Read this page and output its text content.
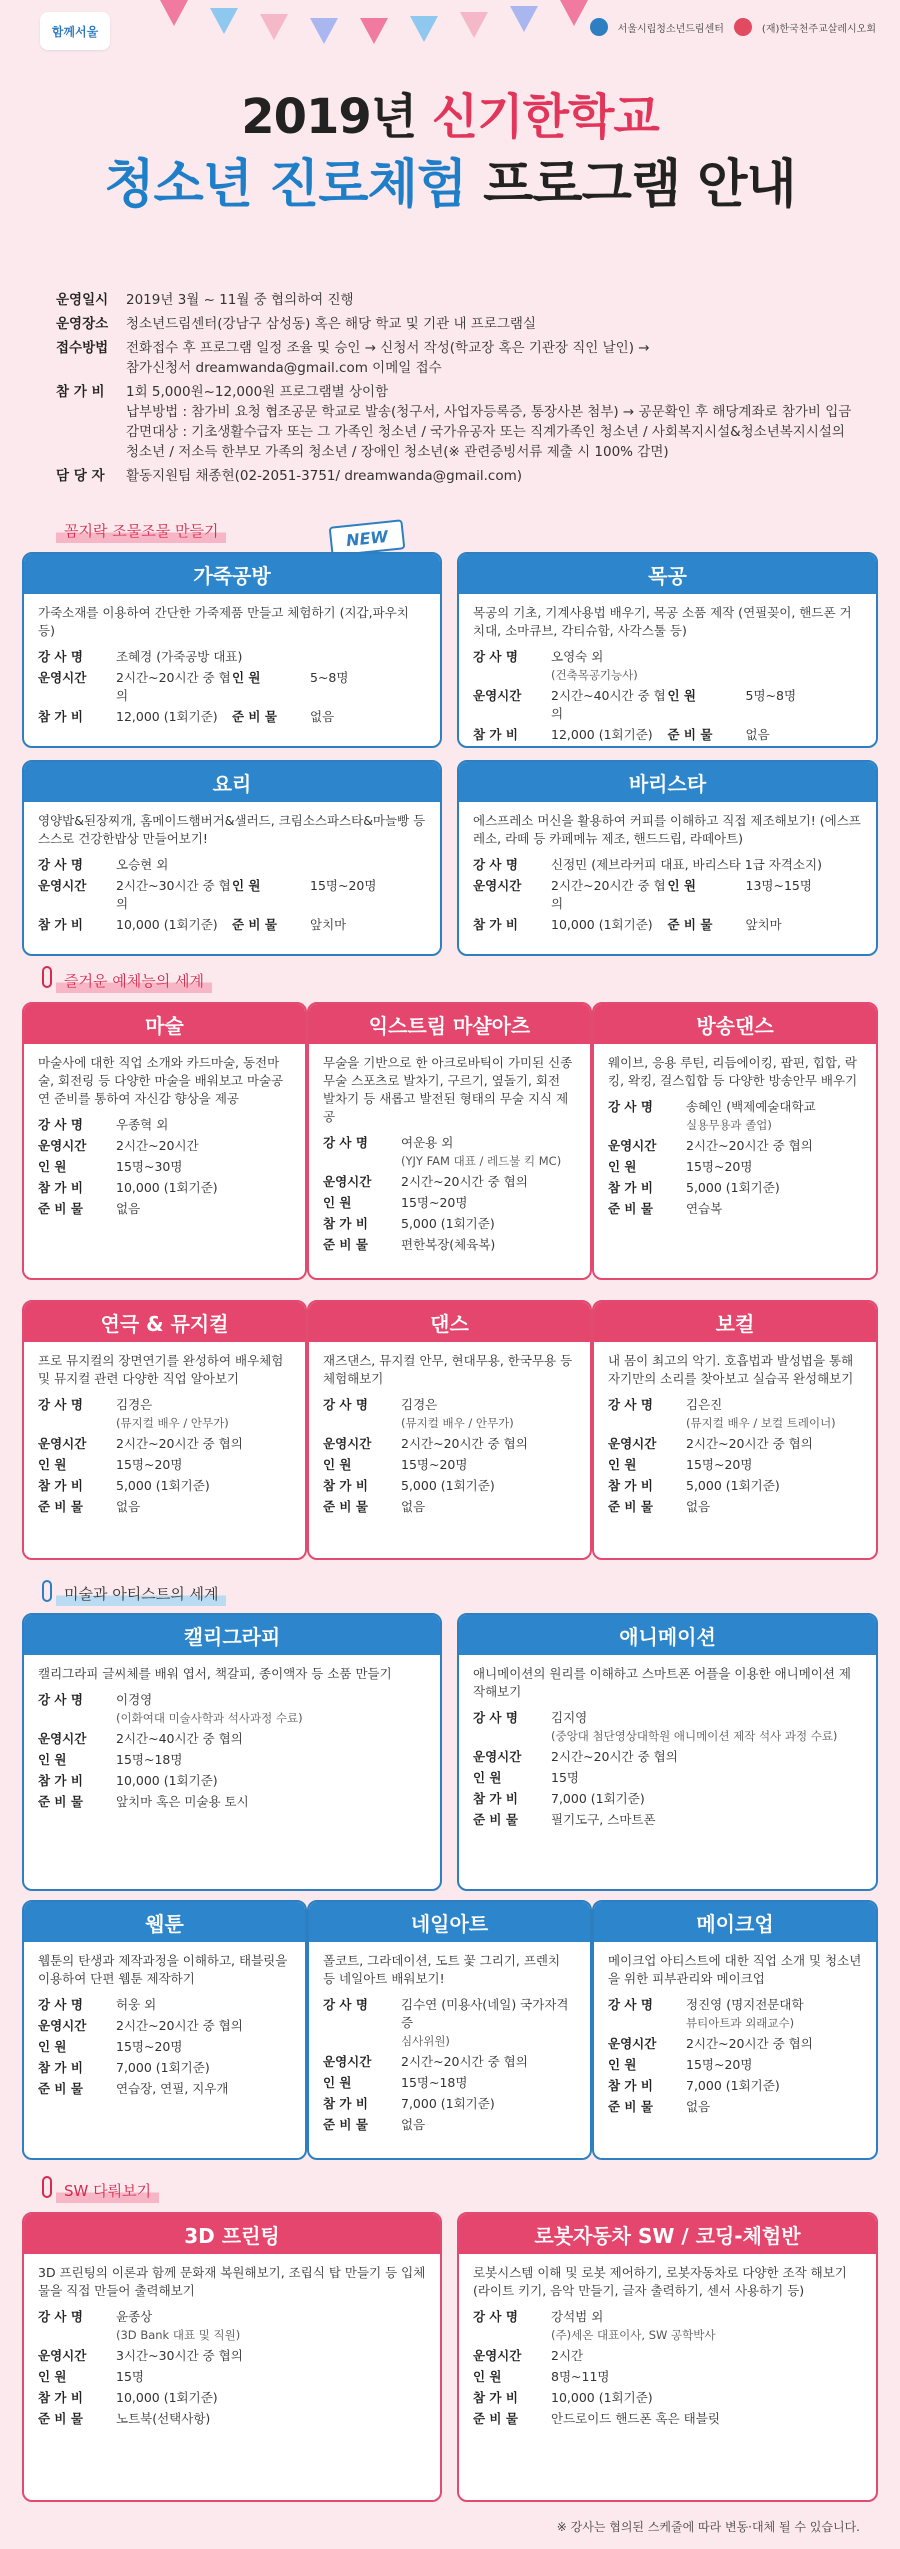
함께서울	서울시립청소년드림센터	(재)한국천주교살레시오회
2019년 신기한학교
청소년 진로체험 프로그램 안내
운영일시	2019년 3월 ~ 11월 중 협의하여 진행

운영장소	청소년드림센터(강남구 삼성동) 혹은 해당 학교 및 기관 내 프로그램실

접수방법	전화접수 후 프로그램 일정 조율 및 승인 → 신청서 작성(학교장 혹은 기관장 직인 날인) →

참가신청서 dreamwanda@gmail.com 이메일 접수

참 가 비	1회 5,000원~12,000원 프로그램별 상이함

납부방법 : 참가비 요청 협조공문 학교로 발송(청구서, 사업자등록증, 통장사본 첨부) → 공문확인 후 해당계좌로 참가비 입금

감면대상 : 기초생활수급자 또는 그 가족인 청소년 / 국가유공자 또는 직계가족인 청소년 / 사회복지시설&청소년복지시설의

청소년 / 저소득 한부모 가족의 청소년 / 장애인 청소년(※ 관련증빙서류 제출 시 100% 감면)

담 당 자	활동지원팀 채종현(02-2051-3751/ dreamwanda@gmail.com)

꼼지락 조물조물 만들기	NEW
즐거운 예체능의 세계
미술과 아티스트의 세계
SW 다뤄보기
가죽공방
가죽소재를 이용하여 간단한 가죽제품 만들고 체험하기 (지갑,파우치 등)
강 사 명	조혜경 (가죽공방 대표)
운영시간	2시간~20시간 중 협의
인 원	5~8명
참 가 비	12,000 (1회기준) 준 비 물	없음
목공
목공의 기초, 기계사용법 배우기, 목공 소품 제작 (연필꽂이, 핸드폰 거치대, 소마큐브, 각티슈함, 사각스툴 등)
강 사 명	오영숙 외
(건축목공기능사)
운영시간	2시간~40시간 중 협의
인 원	5명~8명
참 가 비	12,000 (1회기준) 준 비 물	없음
요리
영양밥&된장찌개, 홈메이드햄버거&샐러드, 크림소스파스타&마늘빵 등 스스로 건강한밥상 만들어보기!
강 사 명	오승현 외
운영시간	2시간~30시간 중 협의
인 원	15명~20명
참 가 비	10,000 (1회기준) 준 비 물	앞치마
바리스타
에스프레소 머신을 활용하여 커피를 이해하고 직접 제조해보기! (에스프레소, 라떼 등 카페메뉴 제조, 핸드드립, 라떼아트)
강 사 명	신정민 (제브라커피 대표, 바리스타 1급 자격소지)
운영시간	2시간~20시간 중 협의
인 원	13명~15명
참 가 비	10,000 (1회기준) 준 비 물	앞치마
마술
마술사에 대한 직업 소개와 카드마술, 동전마술, 회전링 등 다양한 마술을 배워보고 마술공연 준비를 통하여 자신감 향상을 제공
강 사 명	우종혁 외
운영시간	2시간~20시간
인 원	15명~30명
참 가 비	10,000 (1회기준)
준 비 물	없음
익스트림 마샬아츠
무술을 기반으로 한 아크로바틱이 가미된 신종 무술 스포츠로 발차기, 구르기, 옆돌기, 회전 발차기 등 새롭고 발전된 형태의 무술 지식 제공
강 사 명	여운용 외
(YJY FAM 대표 / 레드불 킥 MC)
운영시간	2시간~20시간 중 협의
인 원	15명~20명
참 가 비	5,000 (1회기준)
준 비 물	편한복장(체육복)
방송댄스
웨이브, 응용 루틴, 리듬에이킹, 팝핀, 힙합, 락킹, 왁킹, 걸스힙합 등 다양한 방송안무 배우기
강 사 명	송혜인 (백제예술대학교
실용무용과 졸업)
운영시간	2시간~20시간 중 협의
인 원	15명~20명
참 가 비	5,000 (1회기준)
준 비 물	연습복
연극 & 뮤지컬
프로 뮤지컬의 장면연기를 완성하여 배우체험 및 뮤지컬 관련 다양한 직업 알아보기
강 사 명	김경은
(뮤지컬 배우 / 안무가)
운영시간	2시간~20시간 중 협의
인 원	15명~20명
참 가 비	5,000 (1회기준)
준 비 물	없음
댄스
재즈댄스, 뮤지컬 안무, 현대무용, 한국무용 등 체험해보기
강 사 명	김경은
(뮤지컬 배우 / 안무가)
운영시간	2시간~20시간 중 협의
인 원	15명~20명
참 가 비	5,000 (1회기준)
준 비 물	없음
보컬
내 몸이 최고의 악기. 호흡법과 발성법을 통해 자기만의 소리를 찾아보고 실습곡 완성해보기
강 사 명	김은진
(뮤지컬 배우 / 보컬 트레이너)
운영시간	2시간~20시간 중 협의
인 원	15명~20명
참 가 비	5,000 (1회기준)
준 비 물	없음
캘리그라피
캘리그라피 글씨체를 배워 엽서, 책갈피, 종이액자 등 소품 만들기
강 사 명	이경영
(이화여대 미술사학과 석사과정 수료)
운영시간	2시간~40시간 중 협의
인 원	15명~18명
참 가 비	10,000 (1회기준)
준 비 물	앞치마 혹은 미술용 토시
애니메이션
애니메이션의 원리를 이해하고 스마트폰 어플을 이용한 애니메이션 제작해보기
강 사 명	김지영
(중앙대 첨단영상대학원 애니메이션 제작 석사 과정 수료)
운영시간	2시간~20시간 중 협의
인 원	15명
참 가 비	7,000 (1회기준)
준 비 물	필기도구, 스마트폰
웹툰
웹툰의 탄생과 제작과정을 이해하고, 태블릿을 이용하여 단편 웹툰 제작하기
강 사 명	허웅 외
운영시간	2시간~20시간 중 협의
인 원	15명~20명
참 가 비	7,000 (1회기준)
준 비 물	연습장, 연필, 지우개
네일아트
폴코트, 그라데이션, 도트 꽃 그리기, 프렌치 등 네일아트 배워보기!
강 사 명	김수연 (미용사(네일) 국가자격증
심사위원)
운영시간	2시간~20시간 중 협의
인 원	15명~18명
참 가 비	7,000 (1회기준)
준 비 물	없음
메이크업
메이크업 아티스트에 대한 직업 소개 및 청소년을 위한 피부관리와 메이크업
강 사 명	정진영 (명지전문대학
뷰티아트과 외래교수)
운영시간	2시간~20시간 중 협의
인 원	15명~20명
참 가 비	7,000 (1회기준)
준 비 물	없음
3D 프린팅
3D 프린팅의 이론과 함께 문화재 복원해보기, 조립식 탑 만들기 등 입체물을 직접 만들어 출력해보기
강 사 명	윤종상
(3D Bank 대표 및 직원)
운영시간	3시간~30시간 중 협의
인 원	15명
참 가 비	10,000 (1회기준)
준 비 물	노트북(선택사항)
로봇자동차 SW / 코딩-체험반
로봇시스템 이해 및 로봇 제어하기, 로봇자동차로 다양한 조작 해보기 (라이트 키기, 음악 만들기, 글자 출력하기, 센서 사용하기 등)
강 사 명	강석범 외
(주)세온 대표이사, SW 공학박사
운영시간	2시간
인 원	8명~11명
참 가 비	10,000 (1회기준)
준 비 물	안드로이드 핸드폰 혹은 태블릿
※ 강사는 협의된 스케줄에 따라 변동·대체 될 수 있습니다.
